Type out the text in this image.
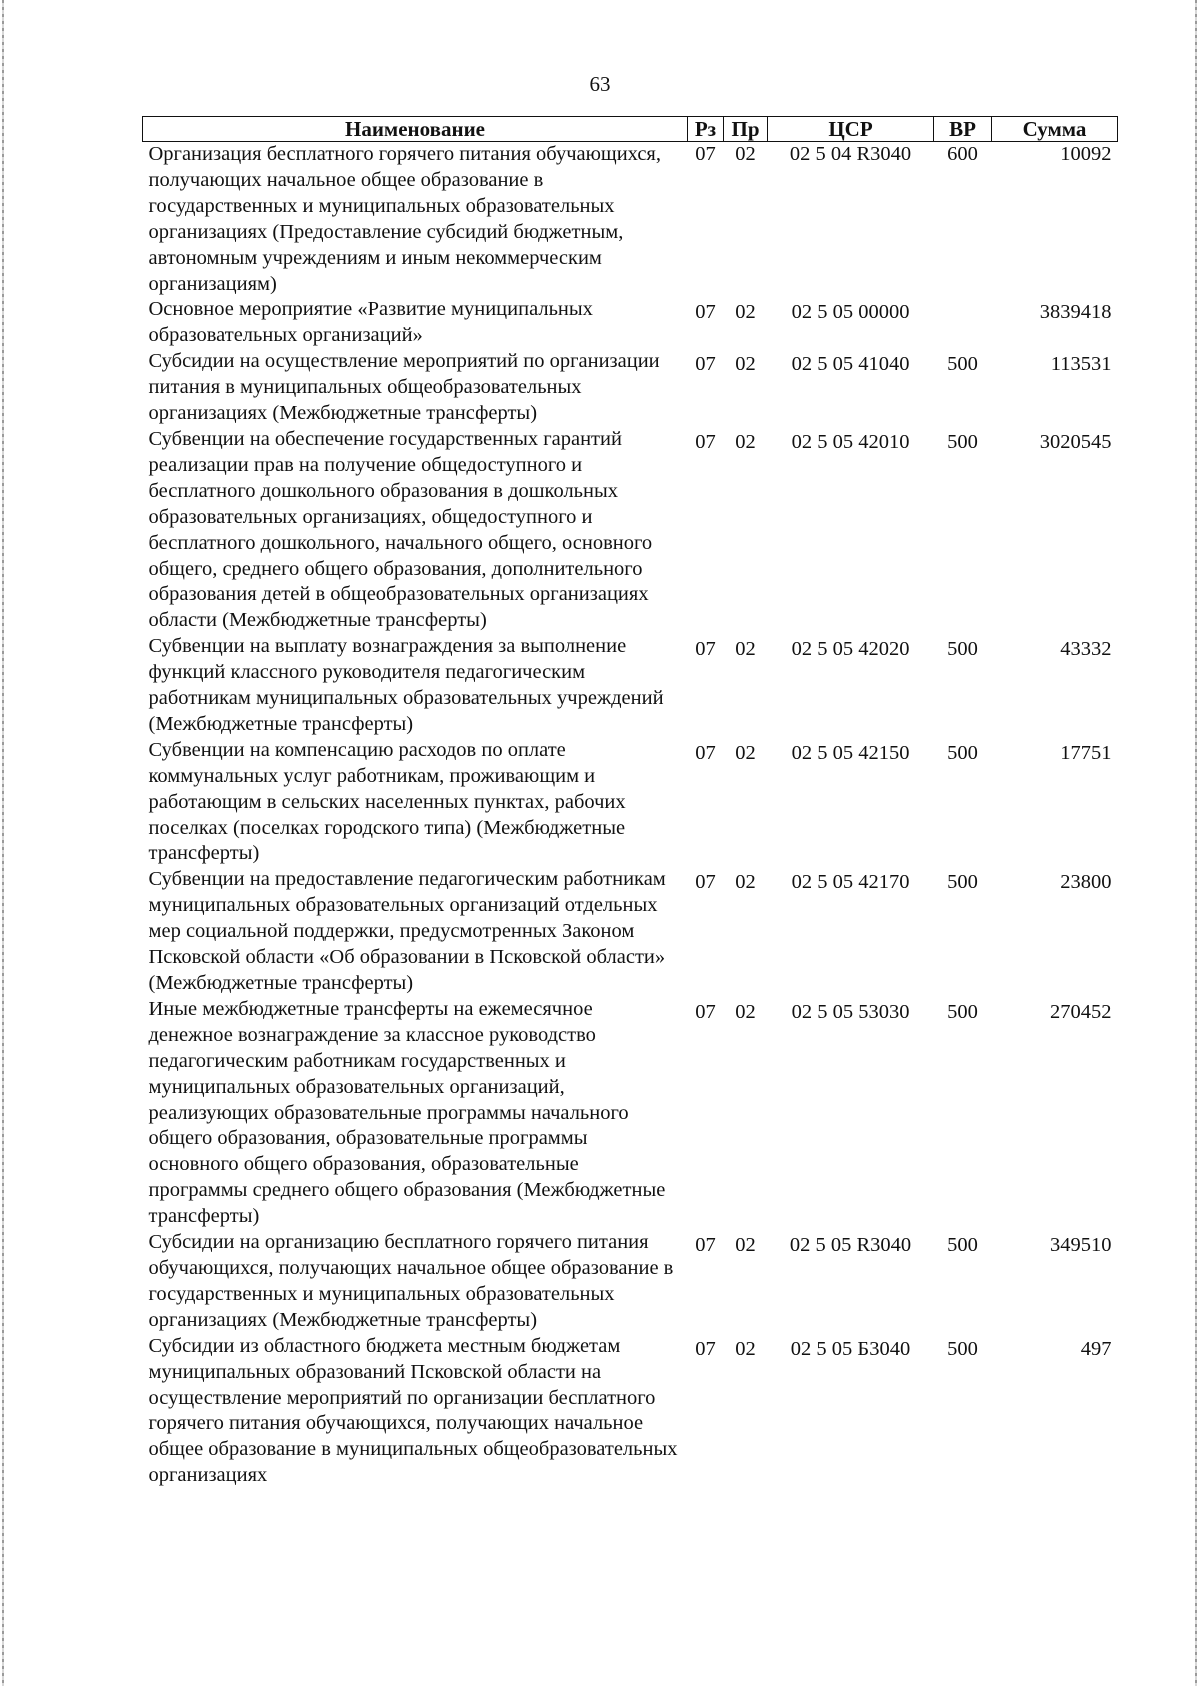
63
Наименование	Рз	Пр	ЦСР	ВР	Сумма
Организация бесплатного горячего питания обучающихся, получающих начальное общее образование в государственных и муниципальных образовательных организациях (Предоставление субсидий бюджетным, автономным учреждениям и иным некоммерческим организациям)	07	02	02 5 04 R3040	600	10092
Основное мероприятие «Развитие муниципальных образовательных организаций»	07	02	02 5 05 00000		3839418
Субсидии на осуществление мероприятий по организации питания в муниципальных общеобразовательных организациях (Межбюджетные трансферты)	07	02	02 5 05 41040	500	113531
Субвенции на обеспечение государственных гарантий реализации прав на получение общедоступного и бесплатного дошкольного образования в дошкольных образовательных организациях, общедоступного и бесплатного дошкольного, начального общего, основного общего, среднего общего образования, дополнительного образования детей в общеобразовательных организациях области (Межбюджетные трансферты)	07	02	02 5 05 42010	500	3020545
Субвенции на выплату вознаграждения за выполнение функций классного руководителя педагогическим работникам муниципальных образовательных учреждений (Межбюджетные трансферты)	07	02	02 5 05 42020	500	43332
Субвенции на компенсацию расходов по оплате коммунальных услуг работникам, проживающим и работающим в сельских населенных пунктах, рабочих поселках (поселках городского типа) (Межбюджетные трансферты)	07	02	02 5 05 42150	500	17751
Субвенции на предоставление педагогическим работникам муниципальных образовательных организаций отдельных мер социальной поддержки, предусмотренных Законом Псковской области «Об образовании в Псковской области» (Межбюджетные трансферты)	07	02	02 5 05 42170	500	23800
Иные межбюджетные трансферты на ежемесячное денежное вознаграждение за классное руководство педагогическим работникам государственных и муниципальных образовательных организаций, реализующих образовательные программы начального общего образования, образовательные программы основного общего образования, образовательные программы среднего общего образования (Межбюджетные трансферты)	07	02	02 5 05 53030	500	270452
Субсидии на организацию бесплатного горячего питания обучающихся, получающих начальное общее образование в государственных и муниципальных образовательных организациях (Межбюджетные трансферты)	07	02	02 5 05 R3040	500	349510
Субсидии из областного бюджета местным бюджетам муниципальных образований Псковской области на осуществление мероприятий по организации бесплатного горячего питания обучающихся, получающих начальное общее образование в муниципальных общеобразовательных организациях	07	02	02 5 05 Б3040	500	497
